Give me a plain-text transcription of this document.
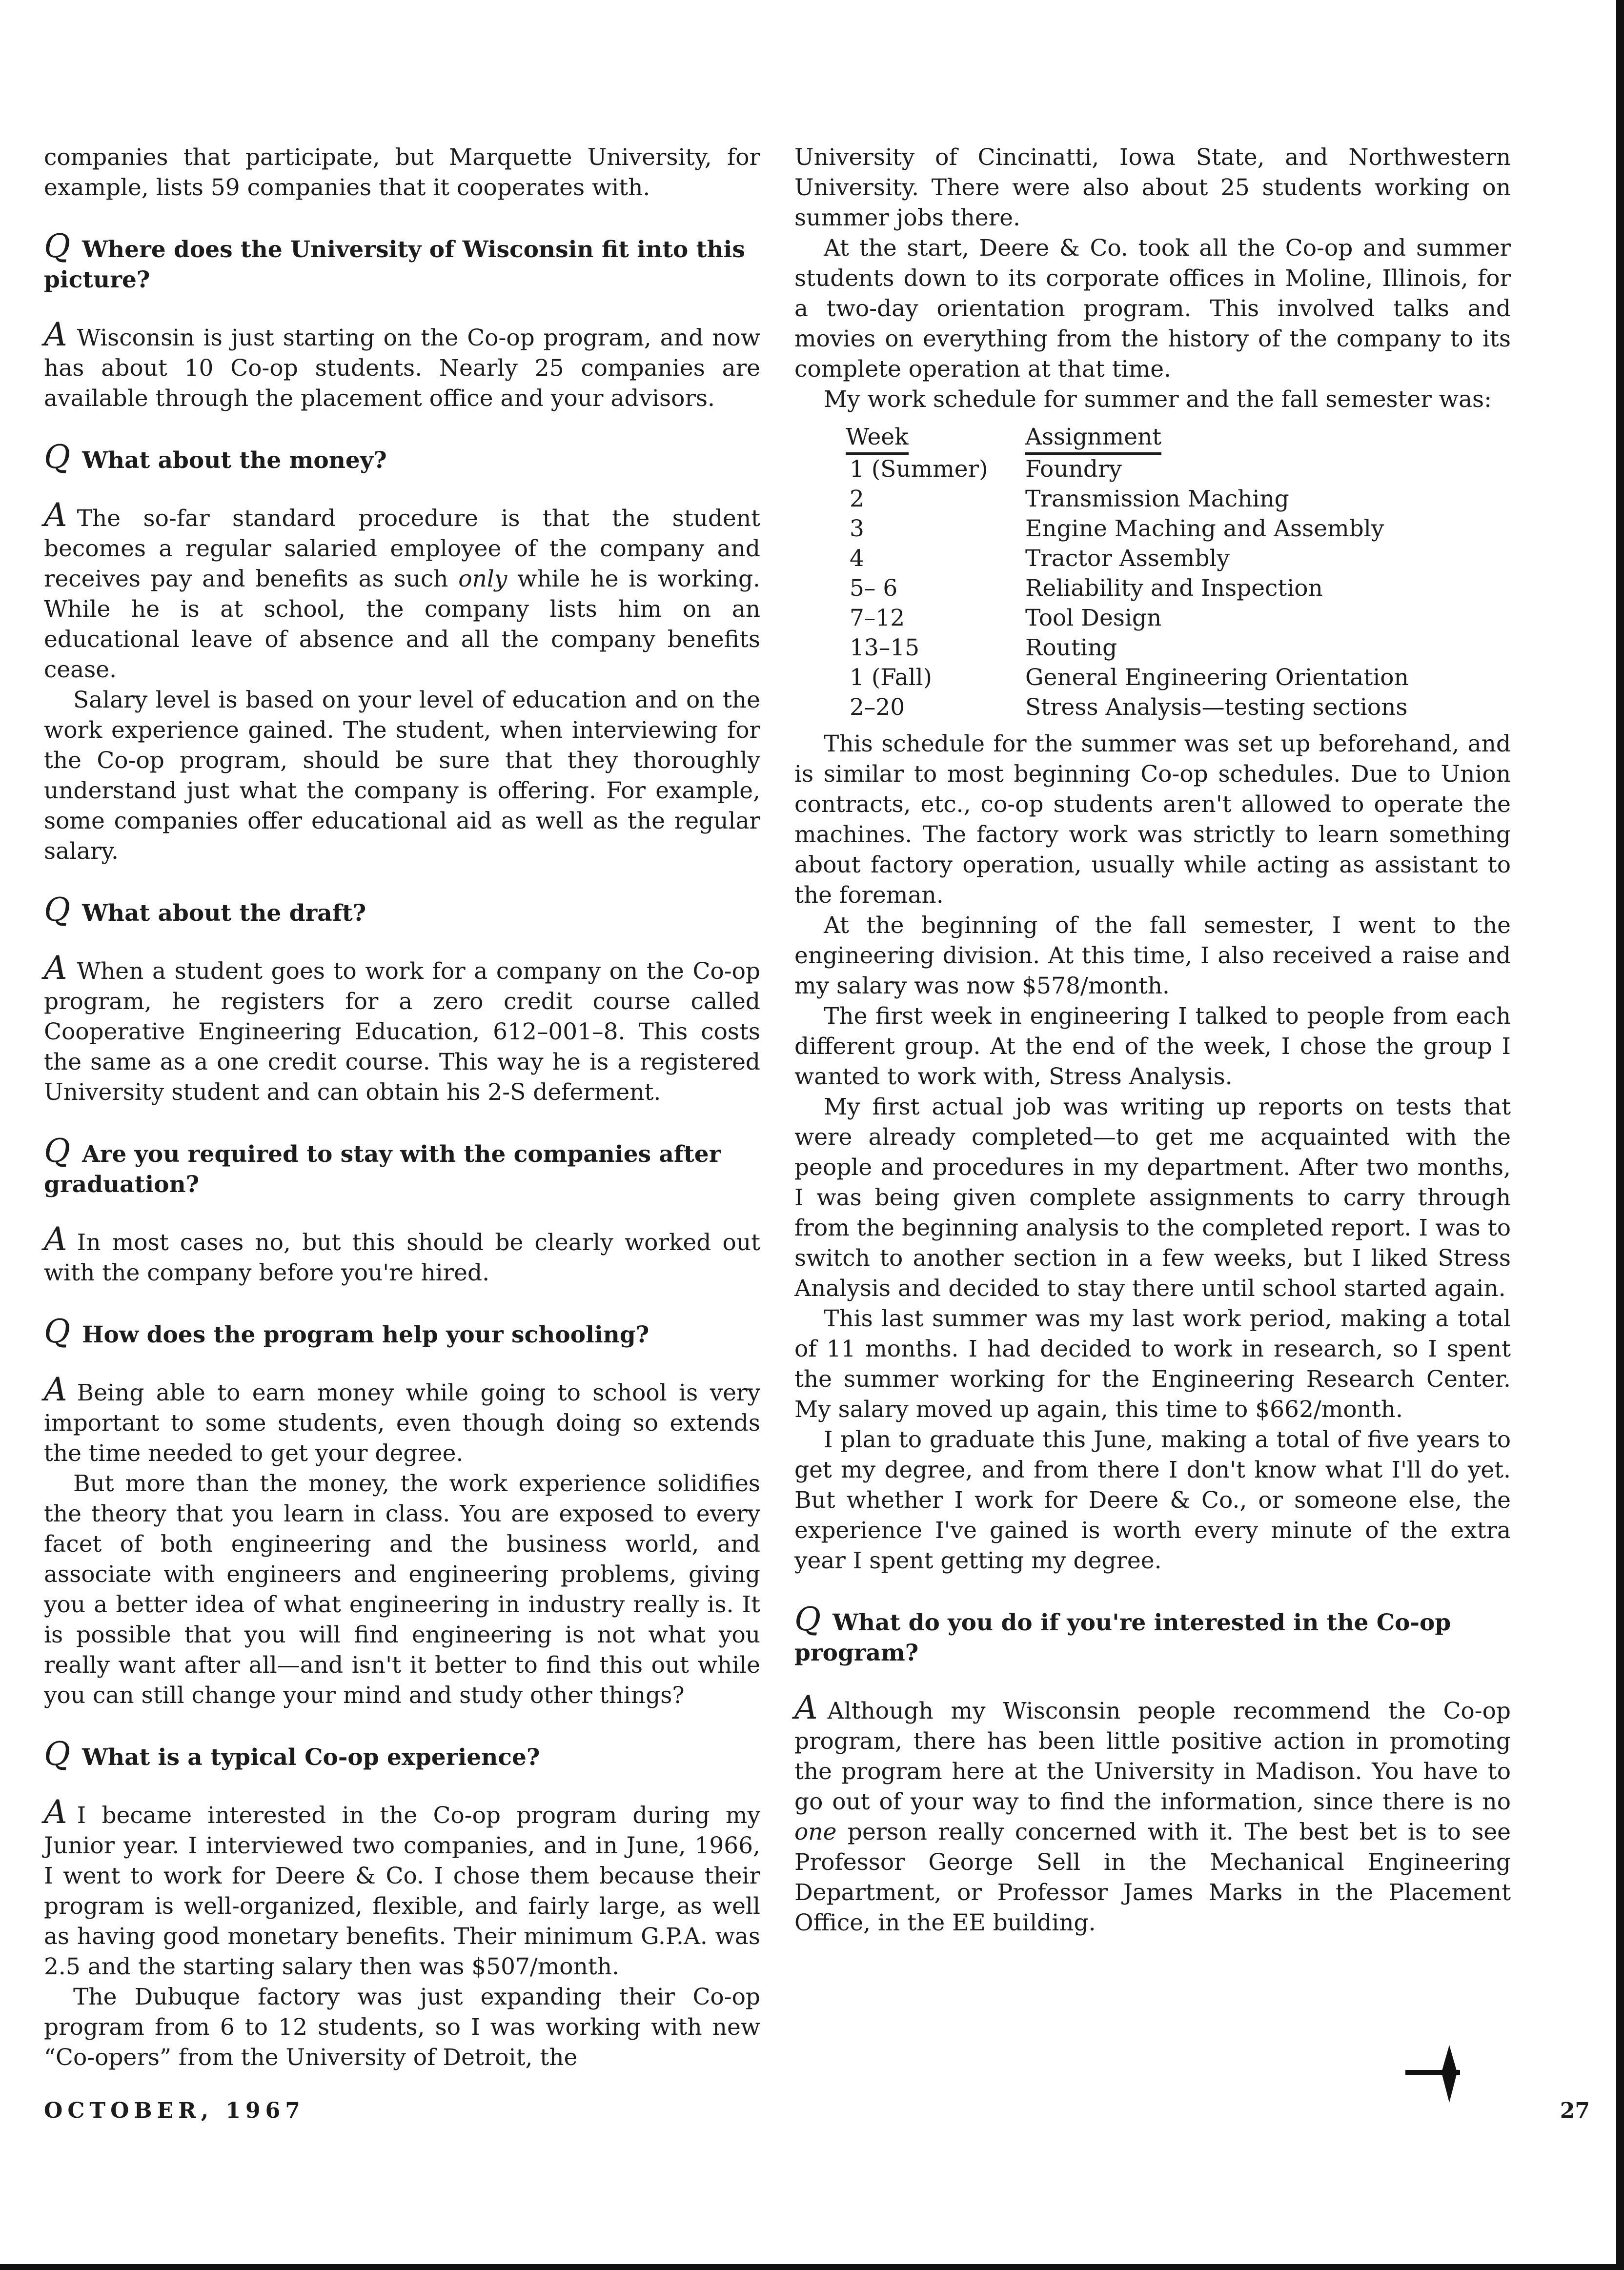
companies that participate, but Marquette University, for example, lists 59 companies that it cooperates with.

Q Where does the University of Wisconsin fit into this picture?

A Wisconsin is just starting on the Co-op program, and now has about 10 Co-op students. Nearly 25 companies are available through the placement office and your advisors.

Q What about the money?

A The so-far standard procedure is that the student becomes a regular salaried employee of the company and receives pay and benefits as such only while he is working. While he is at school, the company lists him on an educational leave of absence and all the company benefits cease.

Salary level is based on your level of education and on the work experience gained. The student, when interviewing for the Co-op program, should be sure that they thoroughly understand just what the company is offering. For example, some companies offer educational aid as well as the regular salary.

Q What about the draft?

A When a student goes to work for a company on the Co-op program, he registers for a zero credit course called Cooperative Engineering Education, 612–001–8. This costs the same as a one credit course. This way he is a registered University student and can obtain his 2-S deferment.

Q Are you required to stay with the companies after graduation?

A In most cases no, but this should be clearly worked out with the company before you're hired.

Q How does the program help your schooling?

A Being able to earn money while going to school is very important to some students, even though doing so extends the time needed to get your degree.

But more than the money, the work experience solidifies the theory that you learn in class. You are exposed to every facet of both engineering and the business world, and associate with engineers and engineering problems, giving you a better idea of what engineering in industry really is. It is possible that you will find engineering is not what you really want after all—and isn't it better to find this out while you can still change your mind and study other things?

Q What is a typical Co-op experience?

A I became interested in the Co-op program during my Junior year. I interviewed two companies, and in June, 1966, I went to work for Deere & Co. I chose them because their program is well-organized, flexible, and fairly large, as well as having good monetary benefits. Their minimum G.P.A. was 2.5 and the starting salary then was $507/month.

The Dubuque factory was just expanding their Co-op program from 6 to 12 students, so I was working with new “Co-opers” from the University of Detroit, the

University of Cincinatti, Iowa State, and Northwestern University. There were also about 25 students working on summer jobs there.

At the start, Deere & Co. took all the Co-op and summer students down to its corporate offices in Moline, Illinois, for a two-day orientation program. This involved talks and movies on everything from the history of the company to its complete operation at that time.

My work schedule for summer and the fall semester was:

Week	Assignment
1 (Summer)	Foundry
2	Transmission Maching
3	Engine Maching and Assembly
4	Tractor Assembly
5– 6	Reliability and Inspection
7–12	Tool Design
13–15	Routing
1 (Fall)	General Engineering Orientation
2–20	Stress Analysis—testing sections

This schedule for the summer was set up beforehand, and is similar to most beginning Co-op schedules. Due to Union contracts, etc., co-op students aren't allowed to operate the machines. The factory work was strictly to learn something about factory operation, usually while acting as assistant to the foreman.

At the beginning of the fall semester, I went to the engineering division. At this time, I also received a raise and my salary was now $578/month.

The first week in engineering I talked to people from each different group. At the end of the week, I chose the group I wanted to work with, Stress Analysis.

My first actual job was writing up reports on tests that were already completed—to get me acquainted with the people and procedures in my department. After two months, I was being given complete assignments to carry through from the beginning analysis to the completed report. I was to switch to another section in a few weeks, but I liked Stress Analysis and decided to stay there until school started again.

This last summer was my last work period, making a total of 11 months. I had decided to work in research, so I spent the summer working for the Engineering Research Center. My salary moved up again, this time to $662/month.

I plan to graduate this June, making a total of five years to get my degree, and from there I don't know what I'll do yet. But whether I work for Deere & Co., or someone else, the experience I've gained is worth every minute of the extra year I spent getting my degree.

Q What do you do if you're interested in the Co-op program?

A Although my Wisconsin people recommend the Co-op program, there has been little positive action in promoting the program here at the University in Madison. You have to go out of your way to find the information, since there is no one person really concerned with it. The best bet is to see Professor George Sell in the Mechanical Engineering Department, or Professor James Marks in the Placement Office, in the EE building.

OCTOBER, 1967	27
